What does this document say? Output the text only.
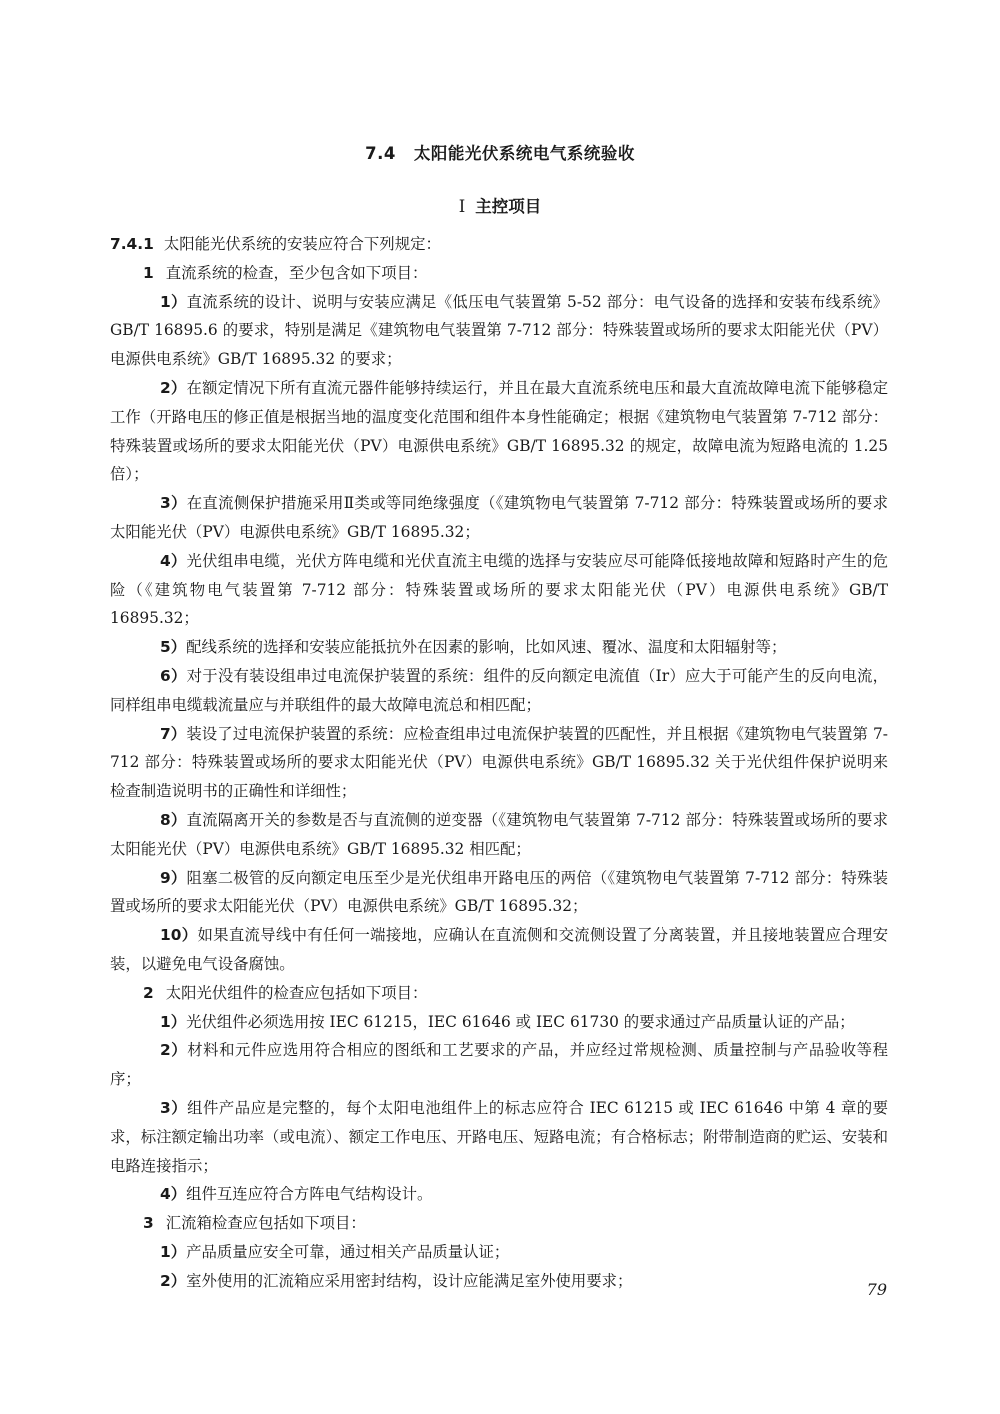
7.4 太阳能光伏系统电气系统验收
Ⅰ 主控项目

7.4.1 太阳能光伏系统的安装应符合下列规定：

1 直流系统的检查，至少包含如下项目：

1）直流系统的设计、说明与安装应满足《低压电气装置第 5-52 部分：电气设备的选择和安装布线系统》GB/T 16895.6 的要求，特别是满足《建筑物电气装置第 7-712 部分：特殊装置或场所的要求太阳能光伏（PV）电源供电系统》GB/T 16895.32 的要求；

2）在额定情况下所有直流元器件能够持续运行，并且在最大直流系统电压和最大直流故障电流下能够稳定工作（开路电压的修正值是根据当地的温度变化范围和组件本身性能确定；根据《建筑物电气装置第 7-712 部分：特殊装置或场所的要求太阳能光伏（PV）电源供电系统》GB/T 16895.32 的规定，故障电流为短路电流的 1.25 倍）；

3）在直流侧保护措施采用Ⅱ类或等同绝缘强度（《建筑物电气装置第 7-712 部分：特殊装置或场所的要求太阳能光伏（PV）电源供电系统》GB/T 16895.32；

4）光伏组串电缆，光伏方阵电缆和光伏直流主电缆的选择与安装应尽可能降低接地故障和短路时产生的危险（《建筑物电气装置第 7-712 部分：特殊装置或场所的要求太阳能光伏（PV）电源供电系统》GB/T 16895.32；

5）配线系统的选择和安装应能抵抗外在因素的影响，比如风速、覆冰、温度和太阳辐射等；

6）对于没有装设组串过电流保护装置的系统：组件的反向额定电流值（Ir）应大于可能产生的反向电流，同样组串电缆载流量应与并联组件的最大故障电流总和相匹配；

7）装设了过电流保护装置的系统：应检查组串过电流保护装置的匹配性，并且根据《建筑物电气装置第 7-712 部分：特殊装置或场所的要求太阳能光伏（PV）电源供电系统》GB/T 16895.32 关于光伏组件保护说明来检查制造说明书的正确性和详细性；

8）直流隔离开关的参数是否与直流侧的逆变器（《建筑物电气装置第 7-712 部分：特殊装置或场所的要求太阳能光伏（PV）电源供电系统》GB/T 16895.32 相匹配；

9）阻塞二极管的反向额定电压至少是光伏组串开路电压的两倍（《建筑物电气装置第 7-712 部分：特殊装置或场所的要求太阳能光伏（PV）电源供电系统》GB/T 16895.32；

10）如果直流导线中有任何一端接地，应确认在直流侧和交流侧设置了分离装置，并且接地装置应合理安装，以避免电气设备腐蚀。

2 太阳光伏组件的检查应包括如下项目：

1）光伏组件必须选用按 IEC 61215，IEC 61646 或 IEC 61730 的要求通过产品质量认证的产品；

2）材料和元件应选用符合相应的图纸和工艺要求的产品，并应经过常规检测、质量控制与产品验收等程序；

3）组件产品应是完整的，每个太阳电池组件上的标志应符合 IEC 61215 或 IEC 61646 中第 4 章的要求，标注额定输出功率（或电流）、额定工作电压、开路电压、短路电流；有合格标志；附带制造商的贮运、安装和电路连接指示；

4）组件互连应符合方阵电气结构设计。

3 汇流箱检查应包括如下项目：

1）产品质量应安全可靠，通过相关产品质量认证；

2）室外使用的汇流箱应采用密封结构，设计应能满足室外使用要求；	79
